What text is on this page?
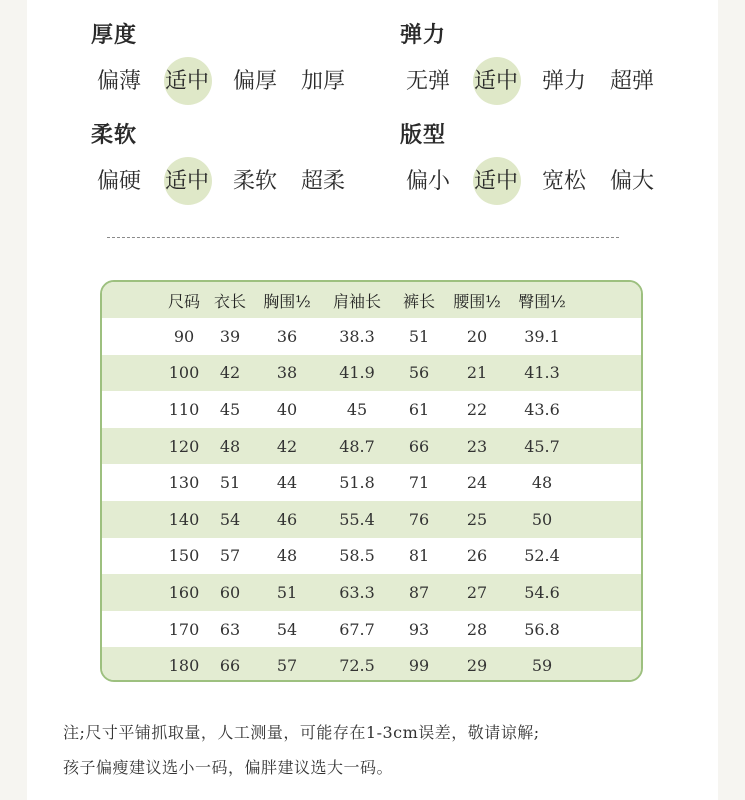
厚度
偏薄 适中 偏厚 加厚
弹力
无弹 适中 弹力 超弹
柔软
偏硬 适中 柔软 超柔
版型
偏小 适中 宽松 偏大
尺码 衣长	胸围½	肩袖长	裤长	腰围½	臀围½
90	39	36	38.3	51	20	39.1
100	42	38	41.9	56	21	41.3
110	45	40	45	61	22	43.6
120	48	42	48.7	66	23	45.7
130	51	44	51.8	71	24	48
140	54	46	55.4	76	25	50
150	57	48	58.5	81	26	52.4
160	60	51	63.3	87	27	54.6
170	63	54	67.7	93	28	56.8
180	66	57	72.5	99	29	59
注;尺寸平铺抓取量，人工测量，可能存在1-3cm误差，敬请谅解;
孩子偏瘦建议选小一码，偏胖建议选大一码。
